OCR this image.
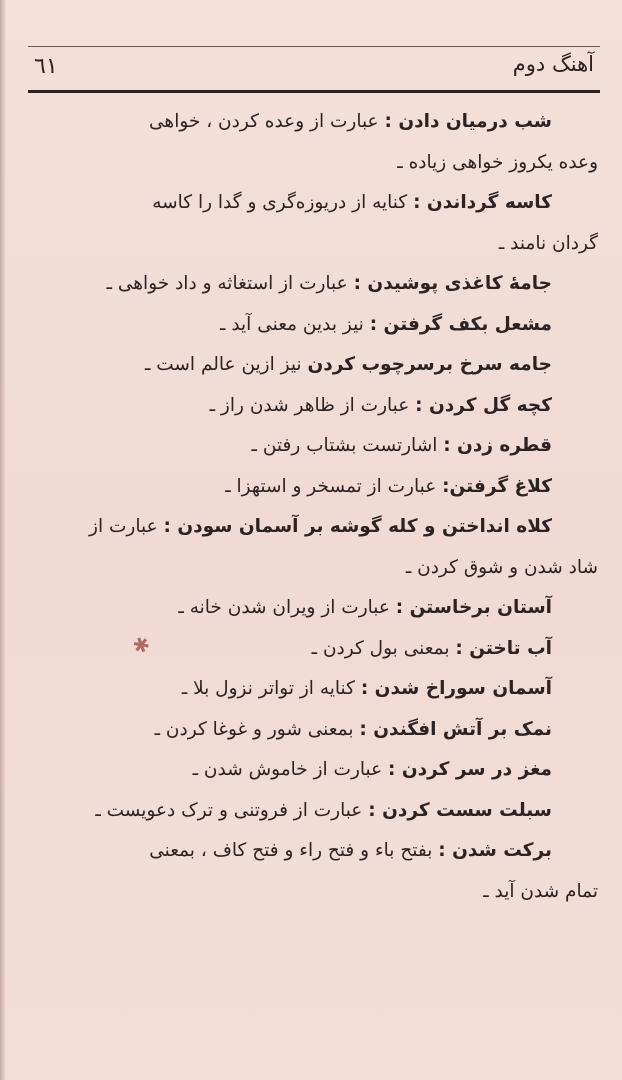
٦١	آهنگ دوم
شب درمیان دادن : عبارت از وعده کردن ، خواهی
وعده یکروز خواهی زیاده ـ
کاسه گرداندن : کنایه از دریوزه‌گری و گدا را کاسه
گردان نامند ـ
جامۀ کاغذی پوشیدن : عبارت از استغاثه و داد خواهی ـ
مشعل بکف گرفتن : نیز بدین معنی آید ـ
جامه سرخ برسرچوب کردن نیز ازین عالم است ـ
کچه گل کردن : عبارت از ظاهر شدن راز ـ
قطره زدن : اشارتست بشتاب رفتن ـ
کلاغ گرفتن: عبارت از تمسخر و استهزا ـ
کلاه انداختن و کله گوشه بر آسمان سودن : عبارت از
شاد شدن و شوق کردن ـ
آستان برخاستن : عبارت از ویران شدن خانه ـ
آب تاختن : بمعنی بول کردن ـ
آسمان سوراخ شدن : کنایه از تواتر نزول بلا ـ
نمک بر آتش افگندن : بمعنی شور و غوغا کردن ـ
مغز در سر کردن : عبارت از خاموش شدن ـ
سبلت سست کردن : عبارت از فروتنی و ترک دعویست ـ
برکت شدن : بفتح باء و فتح راء و فتح کاف ، بمعنی
تمام شدن آید ـ
✱
